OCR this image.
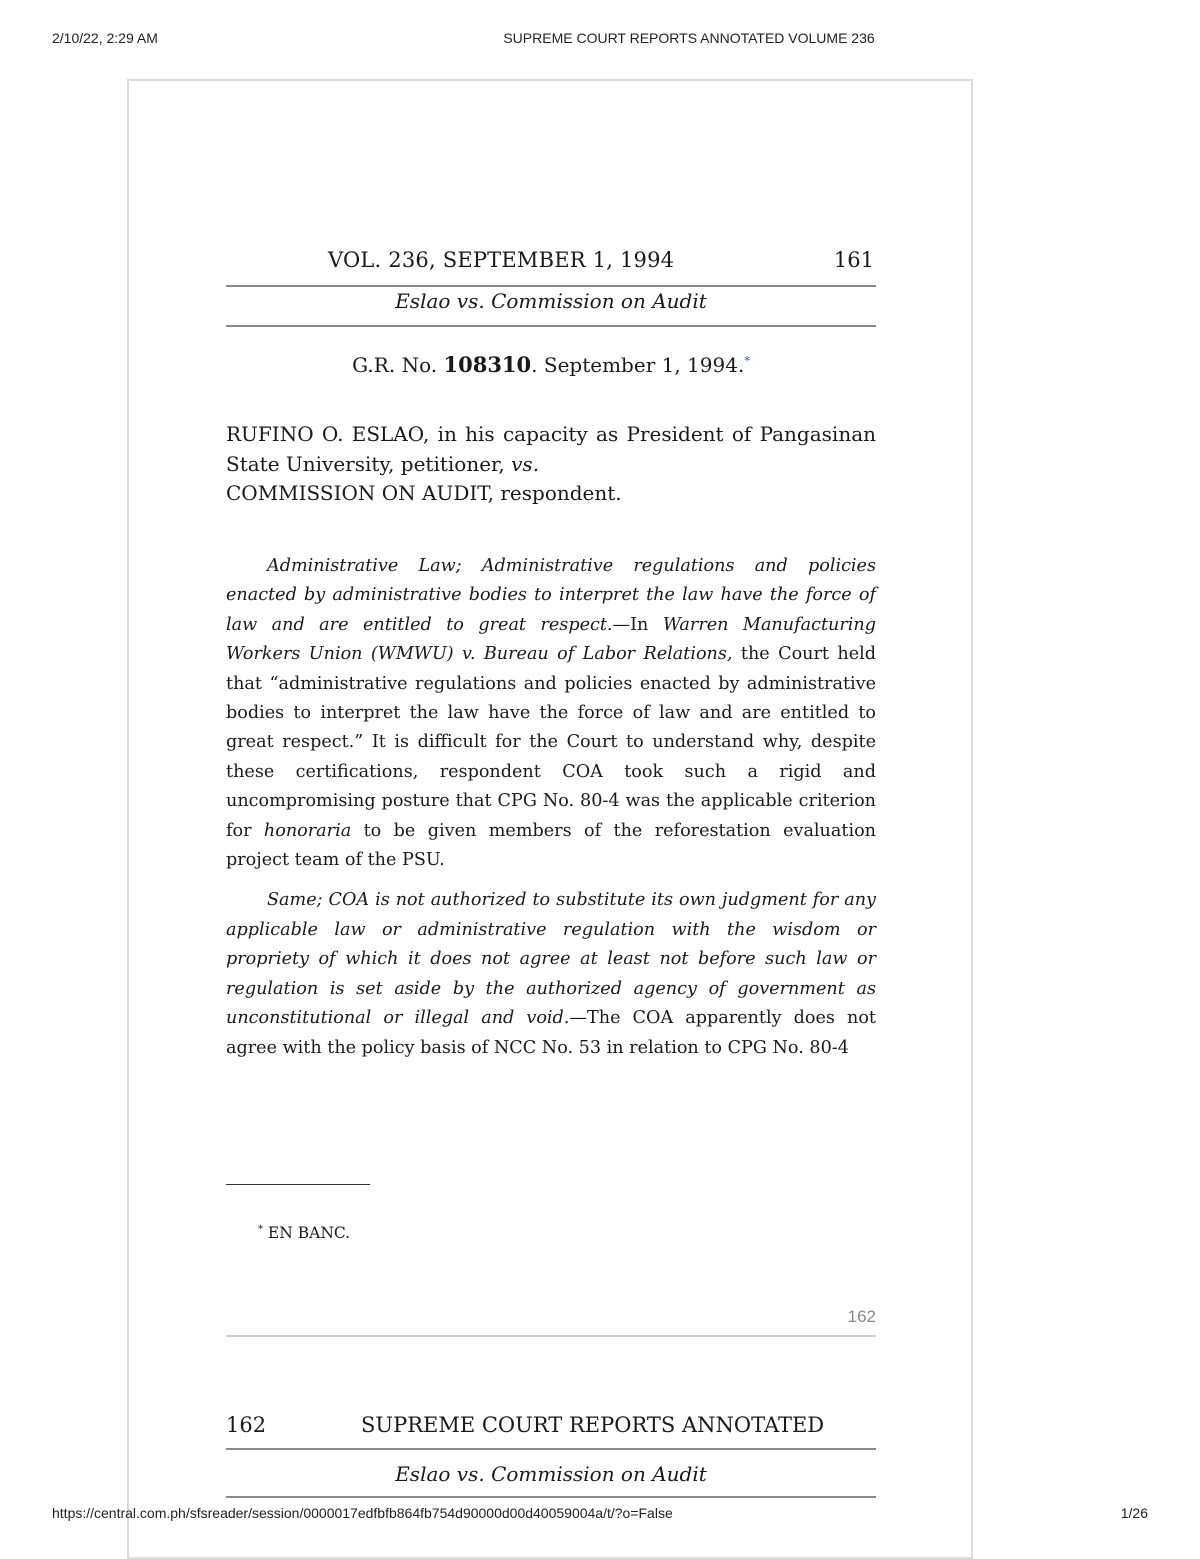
2/10/22, 2:29 AM	SUPREME COURT REPORTS ANNOTATED VOLUME 236
VOL. 236, SEPTEMBER 1, 1994	161
Eslao vs. Commission on Audit
G.R. No. 108310. September 1, 1994.*
RUFINO O. ESLAO, in his capacity as President of Pangasinan State University, petitioner, vs.
COMMISSION ON AUDIT, respondent.

Administrative Law; Administrative regulations and policies enacted by administrative bodies to interpret the law have the force of law and are entitled to great respect.—In Warren Manufacturing Workers Union (WMWU) v. Bureau of Labor Relations, the Court held that “administrative regulations and policies enacted by administrative bodies to interpret the law have the force of law and are entitled to great respect.” It is difficult for the Court to understand why, despite these certifications, respondent COA took such a rigid and uncompromising posture that CPG No. 80-4 was the applicable criterion for honoraria to be given members of the reforestation evaluation project team of the PSU.

Same; COA is not authorized to substitute its own judgment for any applicable law or administrative regulation with the wisdom or propriety of which it does not agree at least not before such law or regulation is set aside by the authorized agency of government as unconstitutional or illegal and void.—The COA apparently does not agree with the policy basis of NCC No. 53 in relation to CPG No. 80-4

* EN BANC.
162
162	SUPREME COURT REPORTS ANNOTATED
Eslao vs. Commission on Audit
https://central.com.ph/sfsreader/session/0000017edfbfb864fb754d90000d00d40059004a/t/?o=False	1/26
